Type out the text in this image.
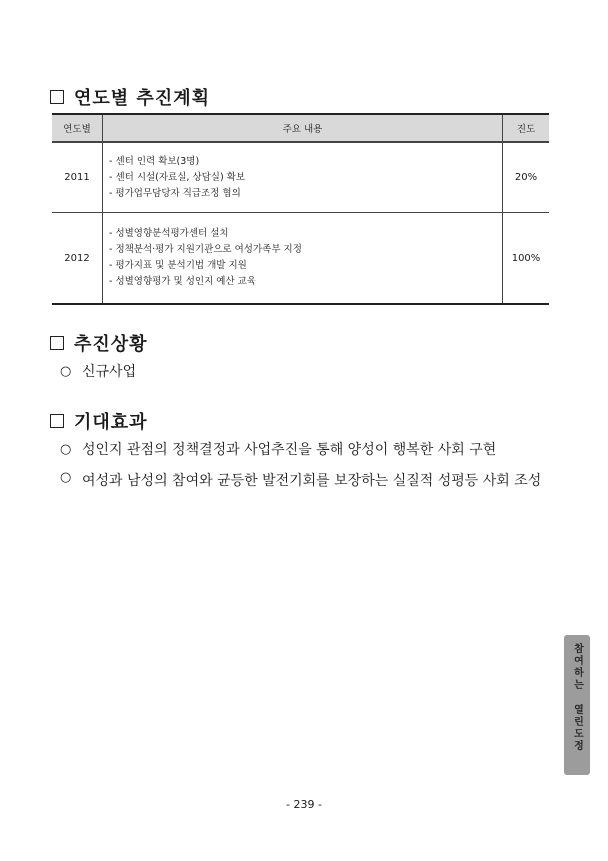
연도별 추진계획
연도별	주요 내용	진도
2011	- 센터 인력 확보(3명)
- 센터 시설(자료실, 상담실) 확보
- 평가업무담당자 직급조정 협의	20%
2012	- 성별영향분석평가센터 설치
- 정책분석·평가 지원기관으로 여성가족부 지정
- 평가지표 및 분석기법 개발 지원
- 성별영향평가 및 성인지 예산 교육	100%
추진상황
○ 신규사업
기대효과
○ 성인지 관점의 정책결정과 사업추진을 통해 양성이 행복한 사회 구현
○ 여성과 남성의 참여와 균등한 발전기회를 보장하는 실질적 성평등 사회 조성
참여하는 열린도정
- 239 -
